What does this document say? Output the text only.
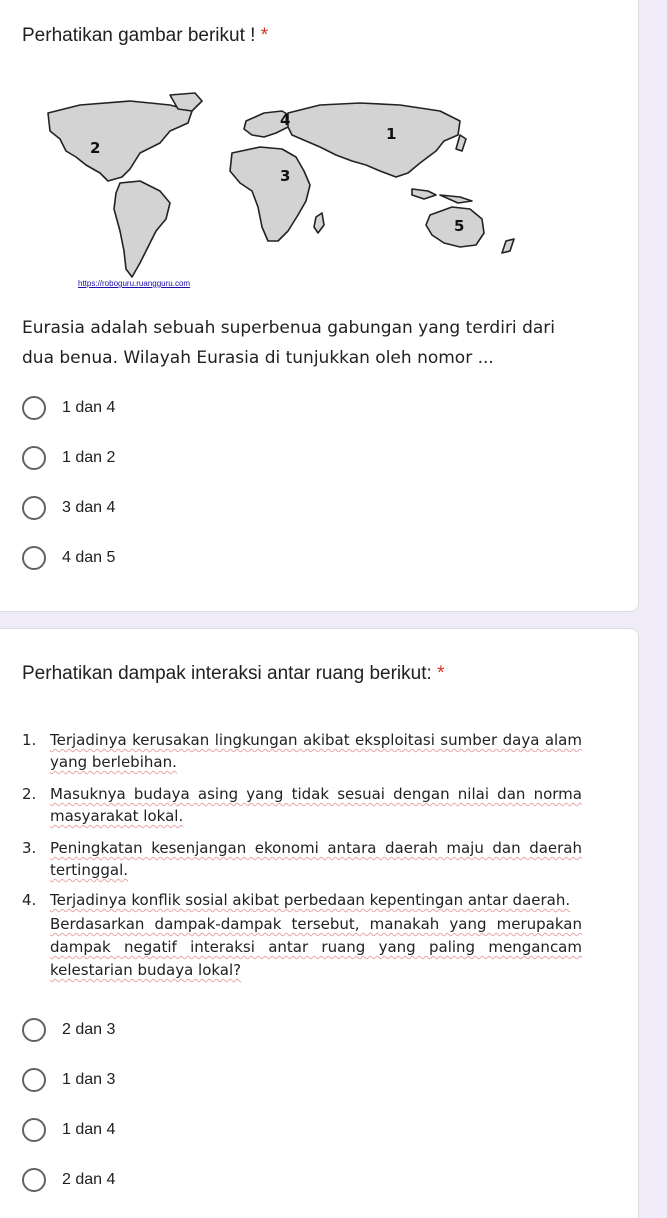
Perhatikan gambar berikut ! *
4
1
2
3
5
https://roboguru.ruangguru.com
Eurasia adalah sebuah superbenua gabungan yang terdiri dari
dua benua. Wilayah Eurasia di tunjukkan oleh nomor ...
1 dan 4
1 dan 2
3 dan 4
4 dan 5
Perhatikan dampak interaksi antar ruang berikut: *
1. Terjadinya kerusakan lingkungan akibat eksploitasi sumber daya alam yang berlebihan.
2. Masuknya budaya asing yang tidak sesuai dengan nilai dan norma masyarakat lokal.
3. Peningkatan kesenjangan ekonomi antara daerah maju dan daerah tertinggal.
4. Terjadinya konflik sosial akibat perbedaan kepentingan antar daerah.
Berdasarkan dampak-dampak tersebut, manakah yang merupakan dampak negatif interaksi antar ruang yang paling mengancam kelestarian budaya lokal?
2 dan 3
1 dan 3
1 dan 4
2 dan 4
